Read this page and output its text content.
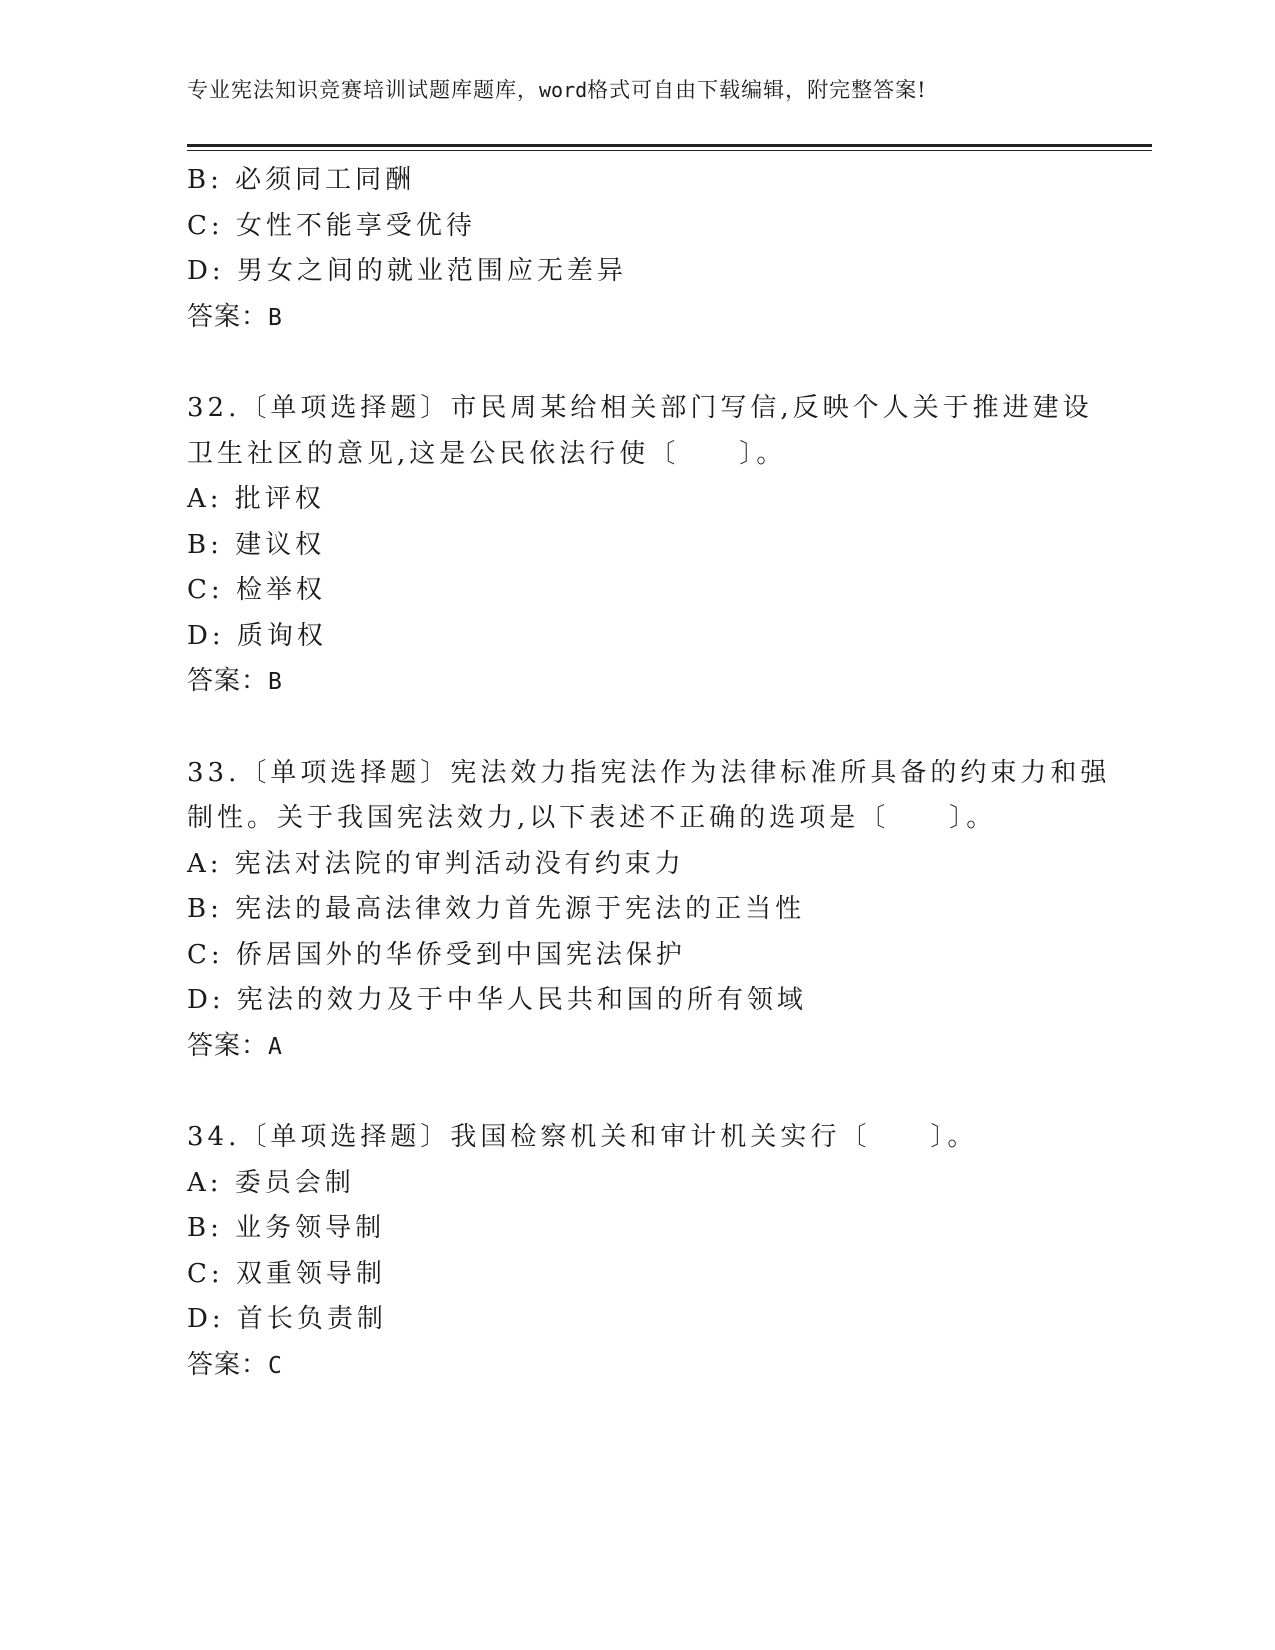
专业宪法知识竞赛培训试题库题库，word格式可自由下载编辑，附完整答案!
B: 必须同工同酬
C: 女性不能享受优待
D: 男女之间的就业范围应无差异
答案：B
32.〔单项选择题〕市民周某给相关部门写信,反映个人关于推进建设
卫生社区的意见,这是公民依法行使〔　　〕。
A: 批评权
B: 建议权
C: 检举权
D: 质询权
答案：B
33.〔单项选择题〕宪法效力指宪法作为法律标准所具备的约束力和强
制性。关于我国宪法效力,以下表述不正确的选项是〔　　〕。
A: 宪法对法院的审判活动没有约束力
B: 宪法的最高法律效力首先源于宪法的正当性
C: 侨居国外的华侨受到中国宪法保护
D: 宪法的效力及于中华人民共和国的所有领域
答案：A
34.〔单项选择题〕我国检察机关和审计机关实行〔　　〕。
A: 委员会制
B: 业务领导制
C: 双重领导制
D: 首长负责制
答案：C
